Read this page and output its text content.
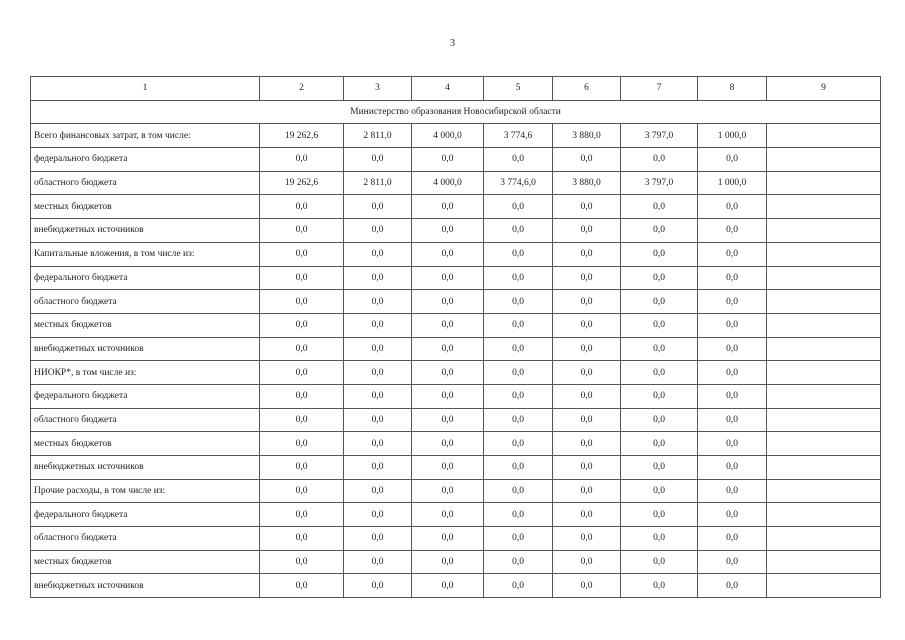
3
1	2	3	4	5	6	7	8	9
Министерство образования Новосибирской области								
Всего финансовых затрат, в том числе:	19 262,6	2 811,0	4 000,0	3 774,6	3 880,0	3 797,0	1 000,0	
федерального бюджета	0,0	0,0	0,0	0,0	0,0	0,0	0,0	
областного бюджета	19 262,6	2 811,0	4 000,0	3 774,6,0	3 880,0	3 797,0	1 000,0	
местных бюджетов	0,0	0,0	0,0	0,0	0,0	0,0	0,0	
внебюджетных источников	0,0	0,0	0,0	0,0	0,0	0,0	0,0	
Капитальные вложения, в том числе из:	0,0	0,0	0,0	0,0	0,0	0,0	0,0	
федерального бюджета	0,0	0,0	0,0	0,0	0,0	0,0	0,0	
областного бюджета	0,0	0,0	0,0	0,0	0,0	0,0	0,0	
местных бюджетов	0,0	0,0	0,0	0,0	0,0	0,0	0,0	
внебюджетных источников	0,0	0,0	0,0	0,0	0,0	0,0	0,0	
НИОКР*, в том числе из:	0,0	0,0	0,0	0,0	0,0	0,0	0,0	
федерального бюджета	0,0	0,0	0,0	0,0	0,0	0,0	0,0	
областного бюджета	0,0	0,0	0,0	0,0	0,0	0,0	0,0	
местных бюджетов	0,0	0,0	0,0	0,0	0,0	0,0	0,0	
внебюджетных источников	0,0	0,0	0,0	0,0	0,0	0,0	0,0	
Прочие расходы, в том числе из:	0,0	0,0	0,0	0,0	0,0	0,0	0,0	
федерального бюджета	0,0	0,0	0,0	0,0	0,0	0,0	0,0	
областного бюджета	0,0	0,0	0,0	0,0	0,0	0,0	0,0	
местных бюджетов	0,0	0,0	0,0	0,0	0,0	0,0	0,0	
внебюджетных источников	0,0	0,0	0,0	0,0	0,0	0,0	0,0	
